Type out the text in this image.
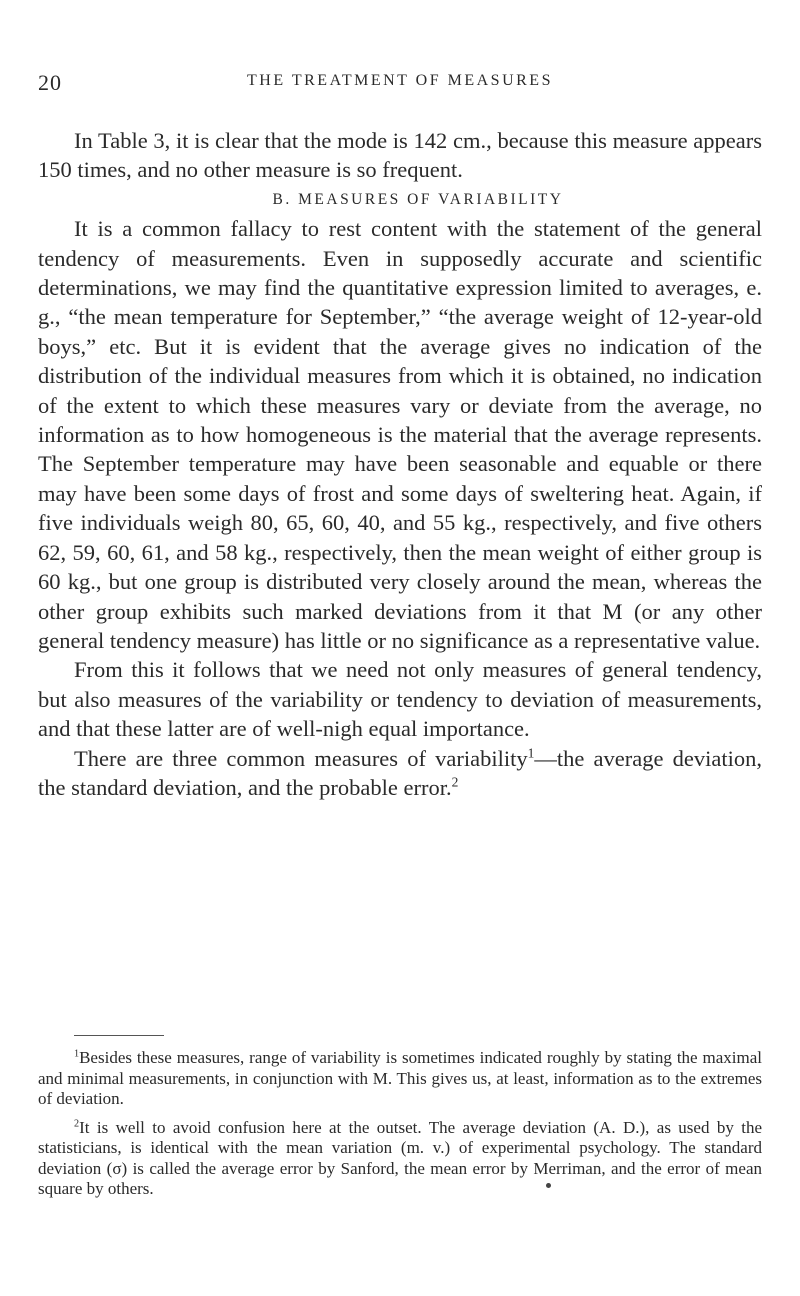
20	THE TREATMENT OF MEASURES

In Table 3, it is clear that the mode is 142 cm., because this measure appears 150 times, and no other measure is so frequent.

B. MEASURES OF VARIABILITY

It is a common fallacy to rest content with the statement of the general tendency of measurements. Even in supposedly accurate and scientific determinations, we may find the quantitative expression limited to averages, e. g., “the mean temperature for September,” “the average weight of 12-year-old boys,” etc. But it is evident that the average gives no indication of the distribution of the individual measures from which it is obtained, no indication of the extent to which these measures vary or deviate from the average, no information as to how homogeneous is the material that the average represents. The September temperature may have been seasonable and equable or there may have been some days of frost and some days of sweltering heat. Again, if five individuals weigh 80, 65, 60, 40, and 55 kg., respectively, and five others 62, 59, 60, 61, and 58 kg., respectively, then the mean weight of either group is 60 kg., but one group is distributed very closely around the mean, whereas the other group exhibits such marked deviations from it that M (or any other general tendency measure) has little or no significance as a representative value.

From this it follows that we need not only measures of general tendency, but also measures of the variability or tendency to deviation of measurements, and that these latter are of well-nigh equal importance.

There are three common measures of variability$^1$—the average deviation, the standard deviation, and the probable error.$^2$

$^1$Besides these measures, range of variability is sometimes indicated roughly by stating the maximal and minimal measurements, in conjunction with M. This gives us, at least, information as to the extremes of deviation.

$^2$It is well to avoid confusion here at the outset. The average deviation (A. D.), as used by the statisticians, is identical with the mean variation (m. v.) of experimental psychology. The standard deviation (σ) is called the average error by Sanford, the mean error by Merriman, and the error of mean square by others.
